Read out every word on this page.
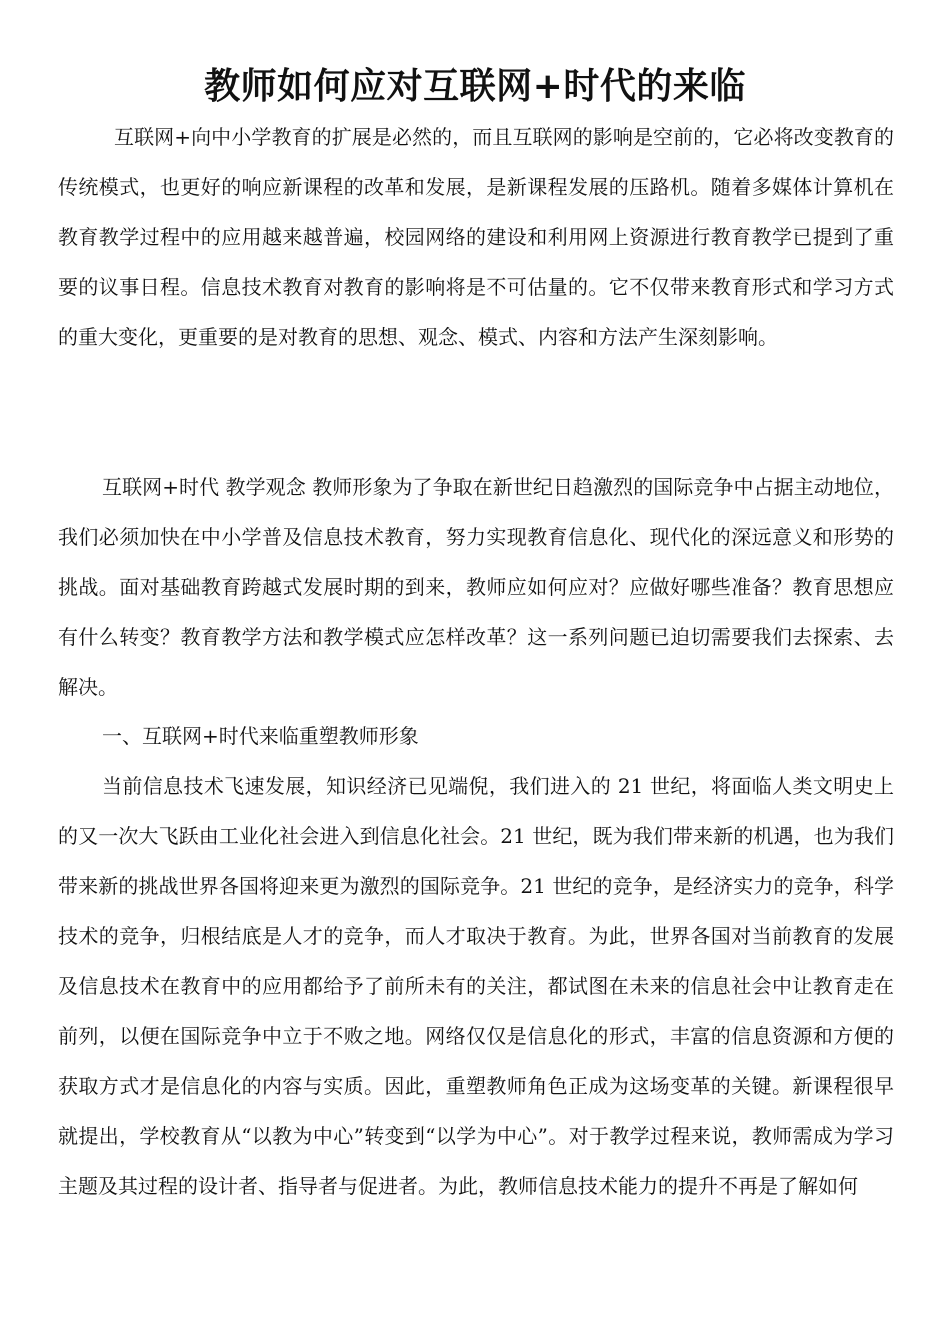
教师如何应对互联网+时代的来临

互联网+向中小学教育的扩展是必然的，而且互联网的影响是空前的，它必将改变教育的传统模式，也更好的响应新课程的改革和发展，是新课程发展的压路机。随着多媒体计算机在教育教学过程中的应用越来越普遍，校园网络的建设和利用网上资源进行教育教学已提到了重要的议事日程。信息技术教育对教育的影响将是不可估量的。它不仅带来教育形式和学习方式的重大变化，更重要的是对教育的思想、观念、模式、内容和方法产生深刻影响。

互联网+时代 教学观念 教师形象为了争取在新世纪日趋激烈的国际竞争中占据主动地位，我们必须加快在中小学普及信息技术教育，努力实现教育信息化、现代化的深远意义和形势的挑战。面对基础教育跨越式发展时期的到来，教师应如何应对？应做好哪些准备？教育思想应有什么转变？教育教学方法和教学模式应怎样改革？这一系列问题已迫切需要我们去探索、去解决。

一、互联网+时代来临重塑教师形象

当前信息技术飞速发展，知识经济已见端倪，我们进入的 21 世纪，将面临人类文明史上的又一次大飞跃由工业化社会进入到信息化社会。21 世纪，既为我们带来新的机遇，也为我们带来新的挑战世界各国将迎来更为激烈的国际竞争。21 世纪的竞争，是经济实力的竞争，科学技术的竞争，归根结底是人才的竞争，而人才取决于教育。为此，世界各国对当前教育的发展及信息技术在教育中的应用都给予了前所未有的关注，都试图在未来的信息社会中让教育走在前列，以便在国际竞争中立于不败之地。网络仅仅是信息化的形式，丰富的信息资源和方便的获取方式才是信息化的内容与实质。因此，重塑教师角色正成为这场变革的关键。新课程很早就提出，学校教育从“以教为中心”转变到“以学为中心”。对于教学过程来说，教师需成为学习主题及其过程的设计者、指导者与促进者。为此，教师信息技术能力的提升不再是了解如何
